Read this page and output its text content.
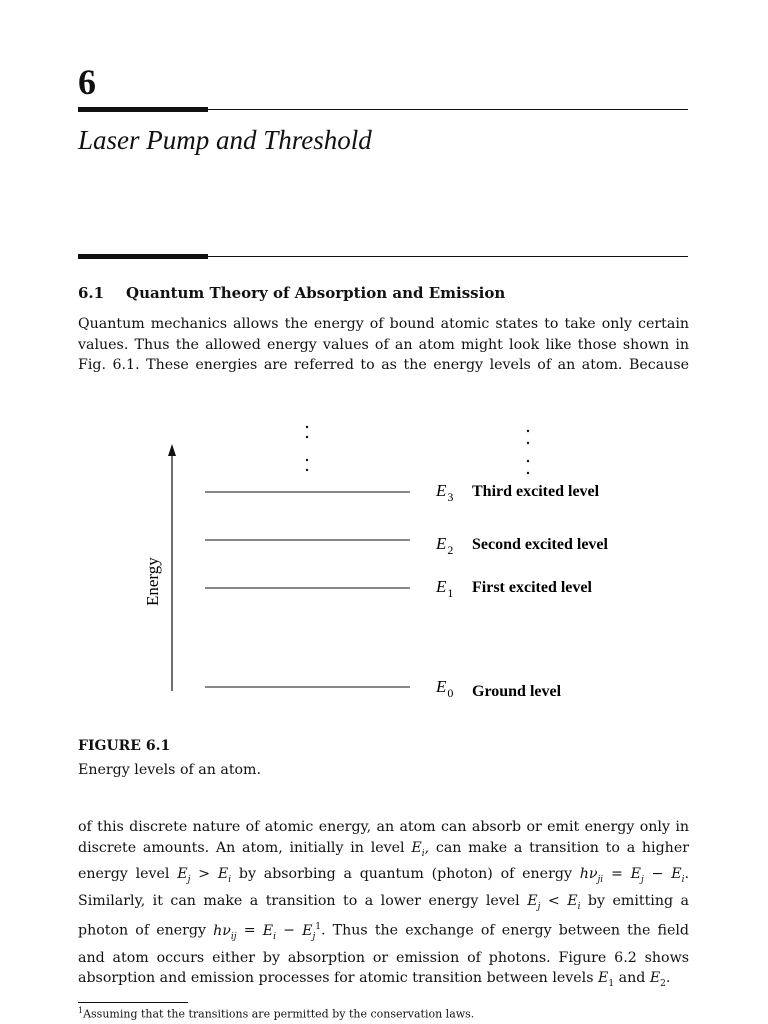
6
Laser Pump and Threshold
6.1 Quantum Theory of Absorption and Emission
Quantum mechanics allows the energy of bound atomic states to take only certain
values. Thus the allowed energy values of an atom might look like those shown in
Fig. 6.1. These energies are referred to as the energy levels of an atom. Because
Energy
$E_3$ Third excited level
$E_2$ Second excited level
$E_1$ First excited level
$E_0$ Ground level
FIGURE 6.1
Energy levels of an atom.
of this discrete nature of atomic energy, an atom can absorb or emit energy only in
discrete amounts. An atom, initially in level $E_i$, can make a transition to a higher
energy level $E_j > E_i$ by absorbing a quantum (photon) of energy $h\nu_{ji} = E_j - E_i$.
Similarly, it can make a transition to a lower energy level $E_j < E_i$ by emitting a
photon of energy $h\nu_{ij} = E_i - E_j^1$. Thus the exchange of energy between the field
and atom occurs either by absorption or emission of photons. Figure 6.2 shows
absorption and emission processes for atomic transition between levels $E_1$ and $E_2$.
$^1$Assuming that the transitions are permitted by the conservation laws.
